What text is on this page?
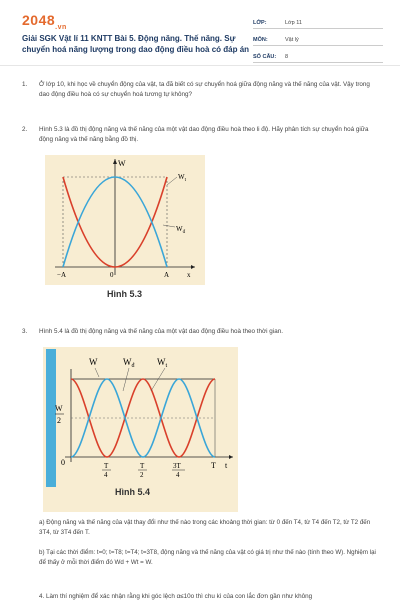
$2048_{.vn}$
Giải SGK Vật lí 11 KNTT Bài 5. Động năng. Thế năng. Sự chuyển hoá năng lượng trong dao động điều hoà có đáp án
LỚP:	Lớp 11
MÔN:	Vật lý
SỐ CÂU:	8
1. Ở lớp 10, khi học về chuyển động của vật, ta đã biết có sự chuyển hoá giữa động năng và thế năng của vật. Vậy trong dao động điều hoà có sự chuyển hoá tương tự không?
2. Hình 5.3 là đồ thị động năng và thế năng của một vật dao động điều hoà theo li độ. Hãy phân tích sự chuyển hoá giữa động năng và thế năng bằng đồ thị.
W
$W_t$
$W_đ$
−A	0	A	x
Hình 5.3
3. Hình 5.4 là đồ thị động năng và thế năng của một vật dao động điều hoà theo thời gian.
W	$W_đ$	$W_t$
W
2
0	T
4
T
2
3T
4
T t
Hình 5.4
a) Động năng và thế năng của vật thay đổi như thế nào trong các khoảng thời gian: từ 0 đến T4, từ T4 đến T2, từ T2 đến 3T4, từ 3T4 đến T.
b) Tại các thời điểm: t=0; t=T8; t=T4; t=3T8, động năng và thế năng của vật có giá trị như thế nào (tính theo W). Nghiệm lại để thấy ở mỗi thời điểm đó Wd + Wt = W.
4. Làm thí nghiệm để xác nhận rằng khi góc lệch α≤10o thì chu kì của con lắc đơn gần như không
